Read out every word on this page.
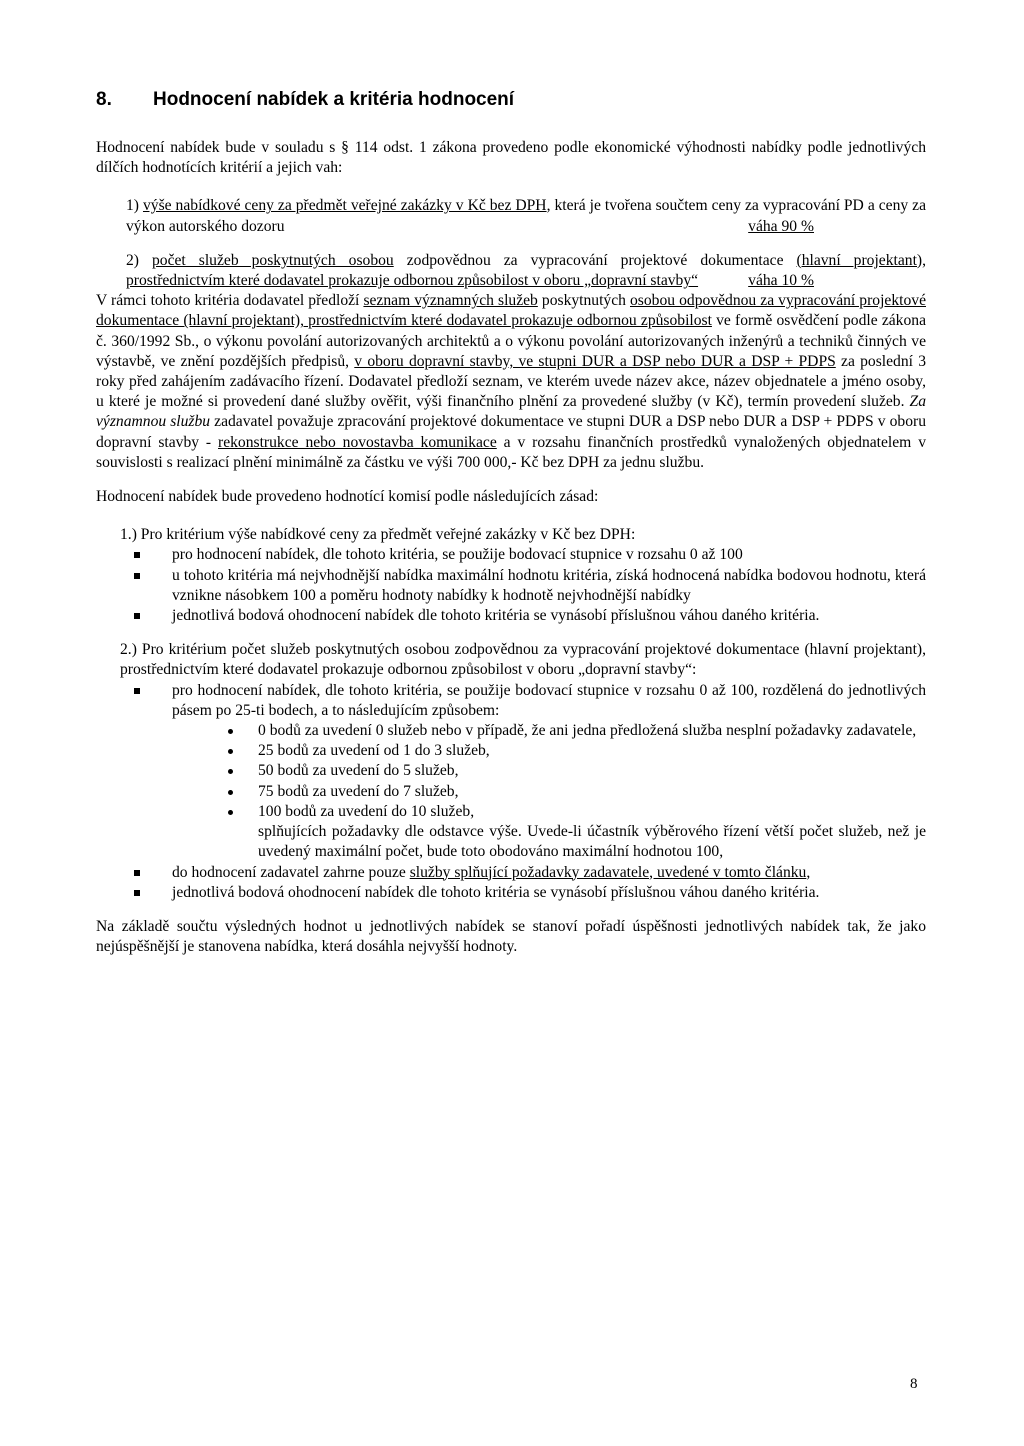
8. Hodnocení nabídek a kritéria hodnocení

Hodnocení nabídek bude v souladu s § 114 odst. 1 zákona provedeno podle ekonomické výhodnosti nabídky podle jednotlivých dílčích hodnotících kritérií a jejich vah:

1) výše nabídkové ceny za předmět veřejné zakázky v Kč bez DPH, která je tvořena součtem ceny za vypracování PD a ceny za výkon autorského dozoru	váha 90 %

2) počet služeb poskytnutých osobou zodpovědnou za vypracování projektové dokumentace (hlavní projektant), prostřednictvím které dodavatel prokazuje odbornou způsobilost v oboru „dopravní stavby“	váha 10 %

V rámci tohoto kritéria dodavatel předloží seznam významných služeb poskytnutých osobou odpovědnou za vypracování projektové dokumentace (hlavní projektant), prostřednictvím které dodavatel prokazuje odbornou způsobilost ve formě osvědčení podle zákona č. 360/1992 Sb., o výkonu povolání autorizovaných architektů a o výkonu povolání autorizovaných inženýrů a techniků činných ve výstavbě, ve znění pozdějších předpisů, v oboru dopravní stavby, ve stupni DUR a DSP nebo DUR a DSP + PDPS za poslední 3 roky před zahájením zadávacího řízení. Dodavatel předloží seznam, ve kterém uvede název akce, název objednatele a jméno osoby, u které je možné si provedení dané služby ověřit, výši finančního plnění za provedené služby (v Kč), termín provedení služeb. Za významnou službu zadavatel považuje zpracování projektové dokumentace ve stupni DUR a DSP nebo DUR a DSP + PDPS v oboru dopravní stavby - rekonstrukce nebo novostavba komunikace a v rozsahu finančních prostředků vynaložených objednatelem v souvislosti s realizací plnění minimálně za částku ve výši 700 000,- Kč bez DPH za jednu službu.

Hodnocení nabídek bude provedeno hodnotící komisí podle následujících zásad:

1.) Pro kritérium výše nabídkové ceny za předmět veřejné zakázky v Kč bez DPH:

pro hodnocení nabídek, dle tohoto kritéria, se použije bodovací stupnice v rozsahu 0 až 100
u tohoto kritéria má nejvhodnější nabídka maximální hodnotu kritéria, získá hodnocená nabídka bodovou hodnotu, která vznikne násobkem 100 a poměru hodnoty nabídky k hodnotě nejvhodnější nabídky
jednotlivá bodová ohodnocení nabídek dle tohoto kritéria se vynásobí příslušnou váhou daného kritéria.

2.) Pro kritérium počet služeb poskytnutých osobou zodpovědnou za vypracování projektové dokumentace (hlavní projektant), prostřednictvím které dodavatel prokazuje odbornou způsobilost v oboru „dopravní stavby“:

pro hodnocení nabídek, dle tohoto kritéria, se použije bodovací stupnice v rozsahu 0 až 100, rozdělená do jednotlivých pásem po 25-ti bodech, a to následujícím způsobem:
0 bodů za uvedení 0 služeb nebo v případě, že ani jedna předložená služba nesplní požadavky zadavatele,
25 bodů za uvedení od 1 do 3 služeb,
50 bodů za uvedení do 5 služeb,
75 bodů za uvedení do 7 služeb,
100 bodů za uvedení do 10 služeb,

splňujících požadavky dle odstavce výše. Uvede-li účastník výběrového řízení větší počet služeb, než je uvedený maximální počet, bude toto obodováno maximální hodnotou 100,

do hodnocení zadavatel zahrne pouze služby splňující požadavky zadavatele, uvedené v tomto článku,
jednotlivá bodová ohodnocení nabídek dle tohoto kritéria se vynásobí příslušnou váhou daného kritéria.

Na základě součtu výsledných hodnot u jednotlivých nabídek se stanoví pořadí úspěšnosti jednotlivých nabídek tak, že jako nejúspěšnější je stanovena nabídka, která dosáhla nejvyšší hodnoty.

8
